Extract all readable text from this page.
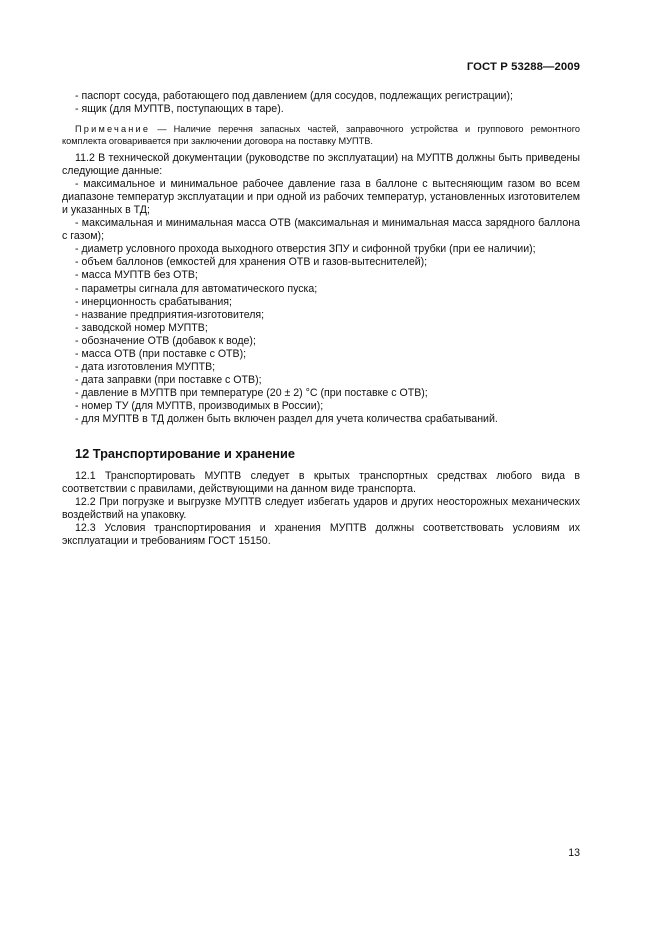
ГОСТ Р 53288—2009

- паспорт сосуда, работающего под давлением (для сосудов, подлежащих регистрации);

- ящик (для МУПТВ, поступающих в таре).

Примечание — Наличие перечня запасных частей, заправочного устройства и группового ремонтного комплекта оговаривается при заключении договора на поставку МУПТВ.

11.2 В технической документации (руководстве по эксплуатации) на МУПТВ должны быть приведены следующие данные:

- максимальное и минимальное рабочее давление газа в баллоне с вытесняющим газом во всем диапазоне температур эксплуатации и при одной из рабочих температур, установленных изготовителем и указанных в ТД;

- максимальная и минимальная масса ОТВ (максимальная и минимальная масса зарядного баллона с газом);

- диаметр условного прохода выходного отверстия ЗПУ и сифонной трубки (при ее наличии);

- объем баллонов (емкостей для хранения ОТВ и газов-вытеснителей);

- масса МУПТВ без ОТВ;

- параметры сигнала для автоматического пуска;

- инерционность срабатывания;

- название предприятия-изготовителя;

- заводской номер МУПТВ;

- обозначение ОТВ (добавок к воде);

- масса ОТВ (при поставке с ОТВ);

- дата изготовления МУПТВ;

- дата заправки (при поставке с ОТВ);

- давление в МУПТВ при температуре (20 ± 2) °С (при поставке с ОТВ);

- номер ТУ (для МУПТВ, производимых в России);

- для МУПТВ в ТД должен быть включен раздел для учета количества срабатываний.

12 Транспортирование и хранение

12.1 Транспортировать МУПТВ следует в крытых транспортных средствах любого вида в соответствии с правилами, действующими на данном виде транспорта.

12.2 При погрузке и выгрузке МУПТВ следует избегать ударов и других неосторожных механических воздействий на упаковку.

12.3 Условия транспортирования и хранения МУПТВ должны соответствовать условиям их эксплуатации и требованиям ГОСТ 15150.

13
